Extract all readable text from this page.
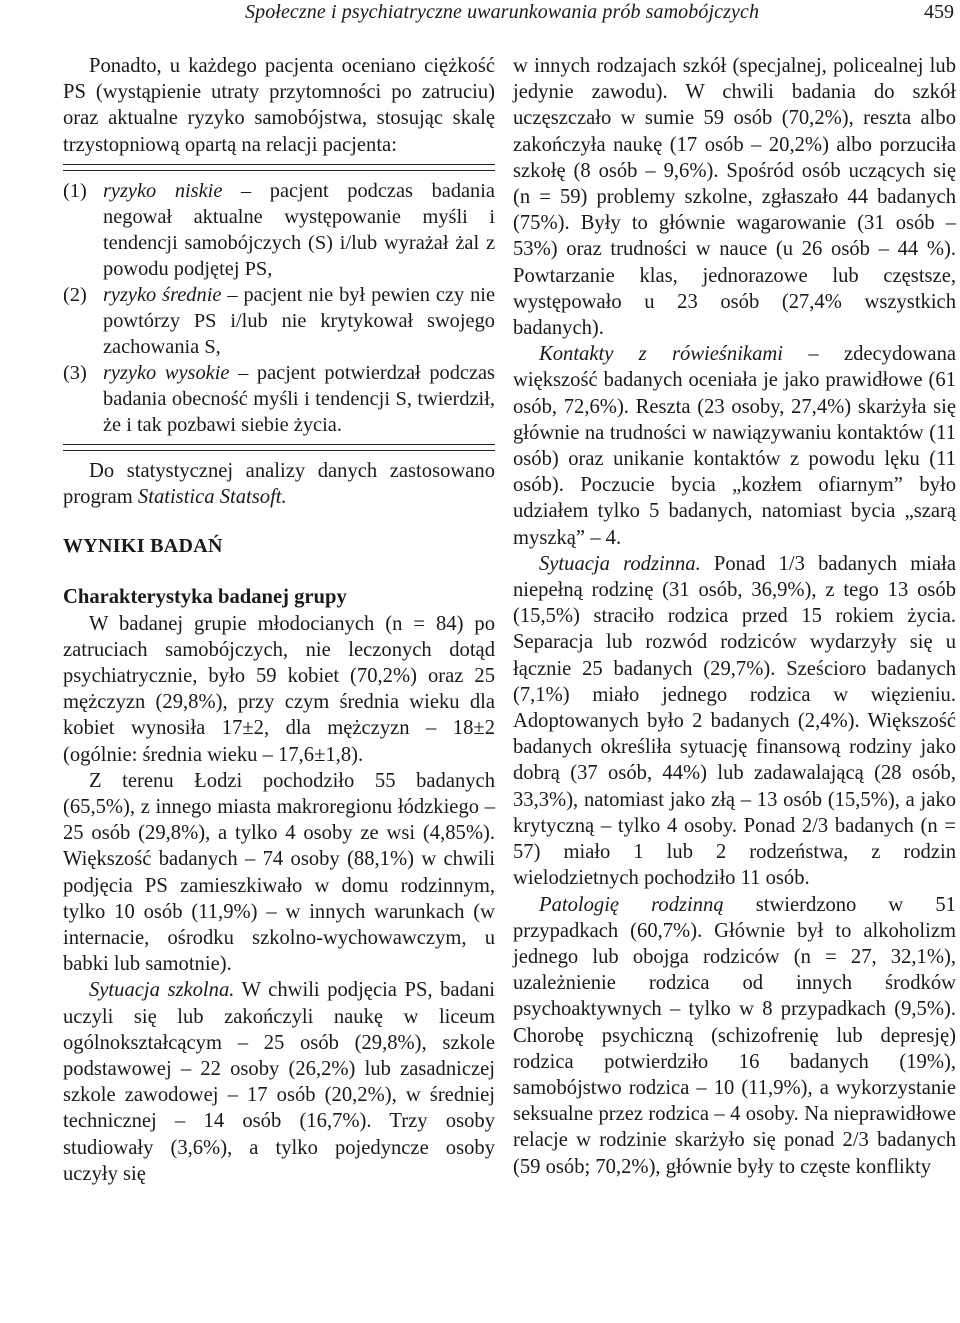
Społeczne i psychiatryczne uwarunkowania prób samobójczych	459

Ponadto, u każdego pacjenta oceniano ciężkość PS (wystąpienie utraty przytomności po zatruciu) oraz aktualne ryzyko samobójstwa, stosując skalę trzystopniową opartą na relacji pacjenta:

(1) ryzyko niskie – pacjent podczas badania negował aktualne występowanie myśli i tendencji samobójczych (S) i/lub wyrażał żal z powodu podjętej PS,
(2) ryzyko średnie – pacjent nie był pewien czy nie powtórzy PS i/lub nie krytykował swojego zachowania S,
(3) ryzyko wysokie – pacjent potwierdzał podczas badania obecność myśli i tendencji S, twierdził, że i tak pozbawi siebie życia.

Do statystycznej analizy danych zastosowano program Statistica Statsoft.

WYNIKI BADAŃ

Charakterystyka badanej grupy

W badanej grupie młodocianych (n = 84) po zatruciach samobójczych, nie leczonych dotąd psychiatrycznie, było 59 kobiet (70,2%) oraz 25 mężczyzn (29,8%), przy czym średnia wieku dla kobiet wynosiła 17±2, dla mężczyzn – 18±2 (ogólnie: średnia wieku – 17,6±1,8).

Z terenu Łodzi pochodziło 55 badanych (65,5%), z innego miasta makroregionu łódzkiego – 25 osób (29,8%), a tylko 4 osoby ze wsi (4,85%). Większość badanych – 74 osoby (88,1%) w chwili podjęcia PS zamieszkiwało w domu rodzinnym, tylko 10 osób (11,9%) – w innych warunkach (w internacie, ośrodku szkolno-wychowawczym, u babki lub samotnie).

Sytuacja szkolna. W chwili podjęcia PS, badani uczyli się lub zakończyli naukę w liceum ogólnokształcącym – 25 osób (29,8%), szkole podstawowej – 22 osoby (26,2%) lub zasadniczej szkole zawodowej – 17 osób (20,2%), w średniej technicznej – 14 osób (16,7%). Trzy osoby studiowały (3,6%), a tylko pojedyncze osoby uczyły się

w innych rodzajach szkół (specjalnej, policealnej lub jedynie zawodu). W chwili badania do szkół uczęszczało w sumie 59 osób (70,2%), reszta albo zakończyła naukę (17 osób – 20,2%) albo porzuciła szkołę (8 osób – 9,6%). Spośród osób uczących się (n = 59) problemy szkolne, zgłaszało 44 badanych (75%). Były to głównie wagarowanie (31 osób – 53%) oraz trudności w nauce (u 26 osób – 44 %). Powtarzanie klas, jednorazowe lub częstsze, występowało u 23 osób (27,4% wszystkich badanych).

Kontakty z rówieśnikami – zdecydowana większość badanych oceniała je jako prawidłowe (61 osób, 72,6%). Reszta (23 osoby, 27,4%) skarżyła się głównie na trudności w nawiązywaniu kontaktów (11 osób) oraz unikanie kontaktów z powodu lęku (11 osób). Poczucie bycia „kozłem ofiarnym” było udziałem tylko 5 badanych, natomiast bycia „szarą myszką” – 4.

Sytuacja rodzinna. Ponad 1/3 badanych miała niepełną rodzinę (31 osób, 36,9%), z tego 13 osób (15,5%) straciło rodzica przed 15 rokiem życia. Separacja lub rozwód rodziców wydarzyły się u łącznie 25 badanych (29,7%). Sześcioro badanych (7,1%) miało jednego rodzica w więzieniu. Adoptowanych było 2 badanych (2,4%). Większość badanych określiła sytuację finansową rodziny jako dobrą (37 osób, 44%) lub zadawalającą (28 osób, 33,3%), natomiast jako złą – 13 osób (15,5%), a jako krytyczną – tylko 4 osoby. Ponad 2/3 badanych (n = 57) miało 1 lub 2 rodzeństwa, z rodzin wielodzietnych pochodziło 11 osób.

Patologię rodzinną stwierdzono w 51 przypadkach (60,7%). Głównie był to alkoholizm jednego lub obojga rodziców (n = 27, 32,1%), uzależnienie rodzica od innych środków psychoaktywnych – tylko w 8 przypadkach (9,5%). Chorobę psychiczną (schizofrenię lub depresję) rodzica potwierdziło 16 badanych (19%), samobójstwo rodzica – 10 (11,9%), a wykorzystanie seksualne przez rodzica – 4 osoby. Na nieprawidłowe relacje w rodzinie skarżyło się ponad 2/3 badanych (59 osób; 70,2%), głównie były to częste konflikty
